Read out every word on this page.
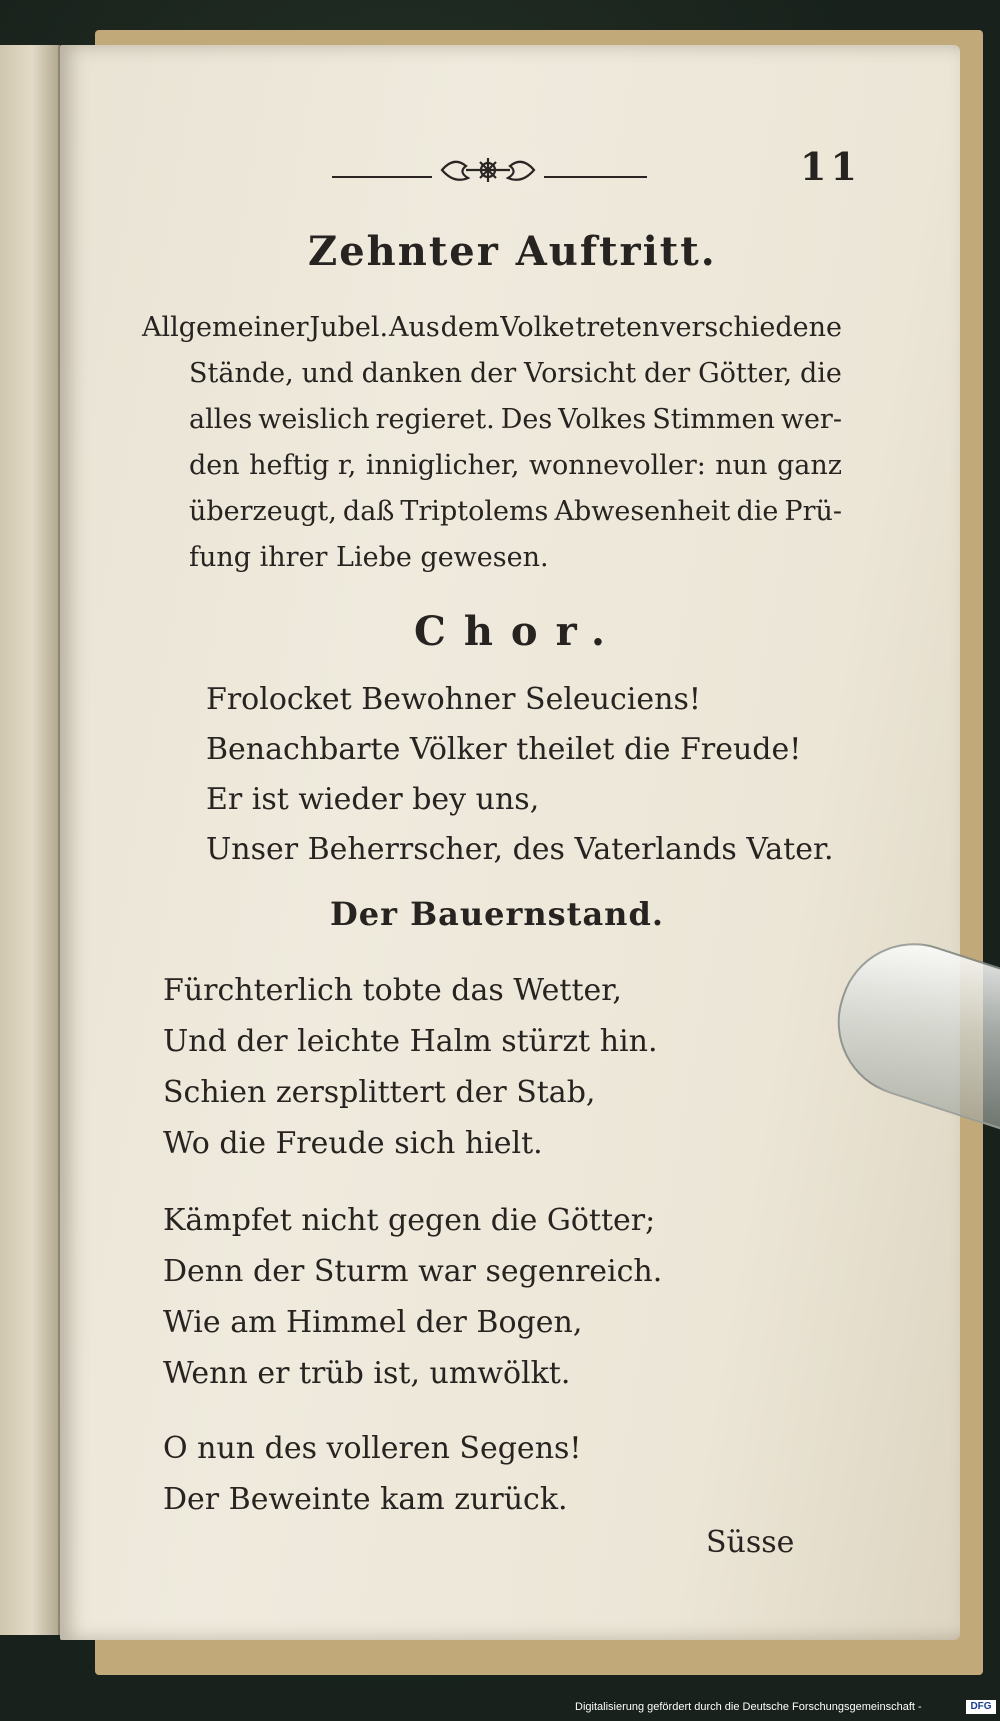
11
Zehnter Auftritt.
Allgemeiner Jubel. Aus dem Volke treten verschiedene
Stände, und danken der Vorsicht der Götter, die
alles weislich regieret. Des Volkes Stimmen wer-
den heftig r, inniglicher, wonnevoller: nun ganz
überzeugt, daß Triptolems Abwesenheit die Prü-
fung ihrer Liebe gewesen.
Chor.
Frolocket Bewohner Seleuciens!
Benachbarte Völker theilet die Freude!
Er ist wieder bey uns,
Unser Beherrscher, des Vaterlands Vater.
Der Bauernstand.
Fürchterlich tobte das Wetter,
Und der leichte Halm stürzt hin.
Schien zersplittert der Stab,
Wo die Freude sich hielt.
Kämpfet nicht gegen die Götter;
Denn der Sturm war segenreich.
Wie am Himmel der Bogen,
Wenn er trüb ist, umwölkt.
O nun des volleren Segens!
Der Beweinte kam zurück.
Süsse
Digitalisierung gefördert durch die Deutsche Forschungsgemeinschaft -	DFG
